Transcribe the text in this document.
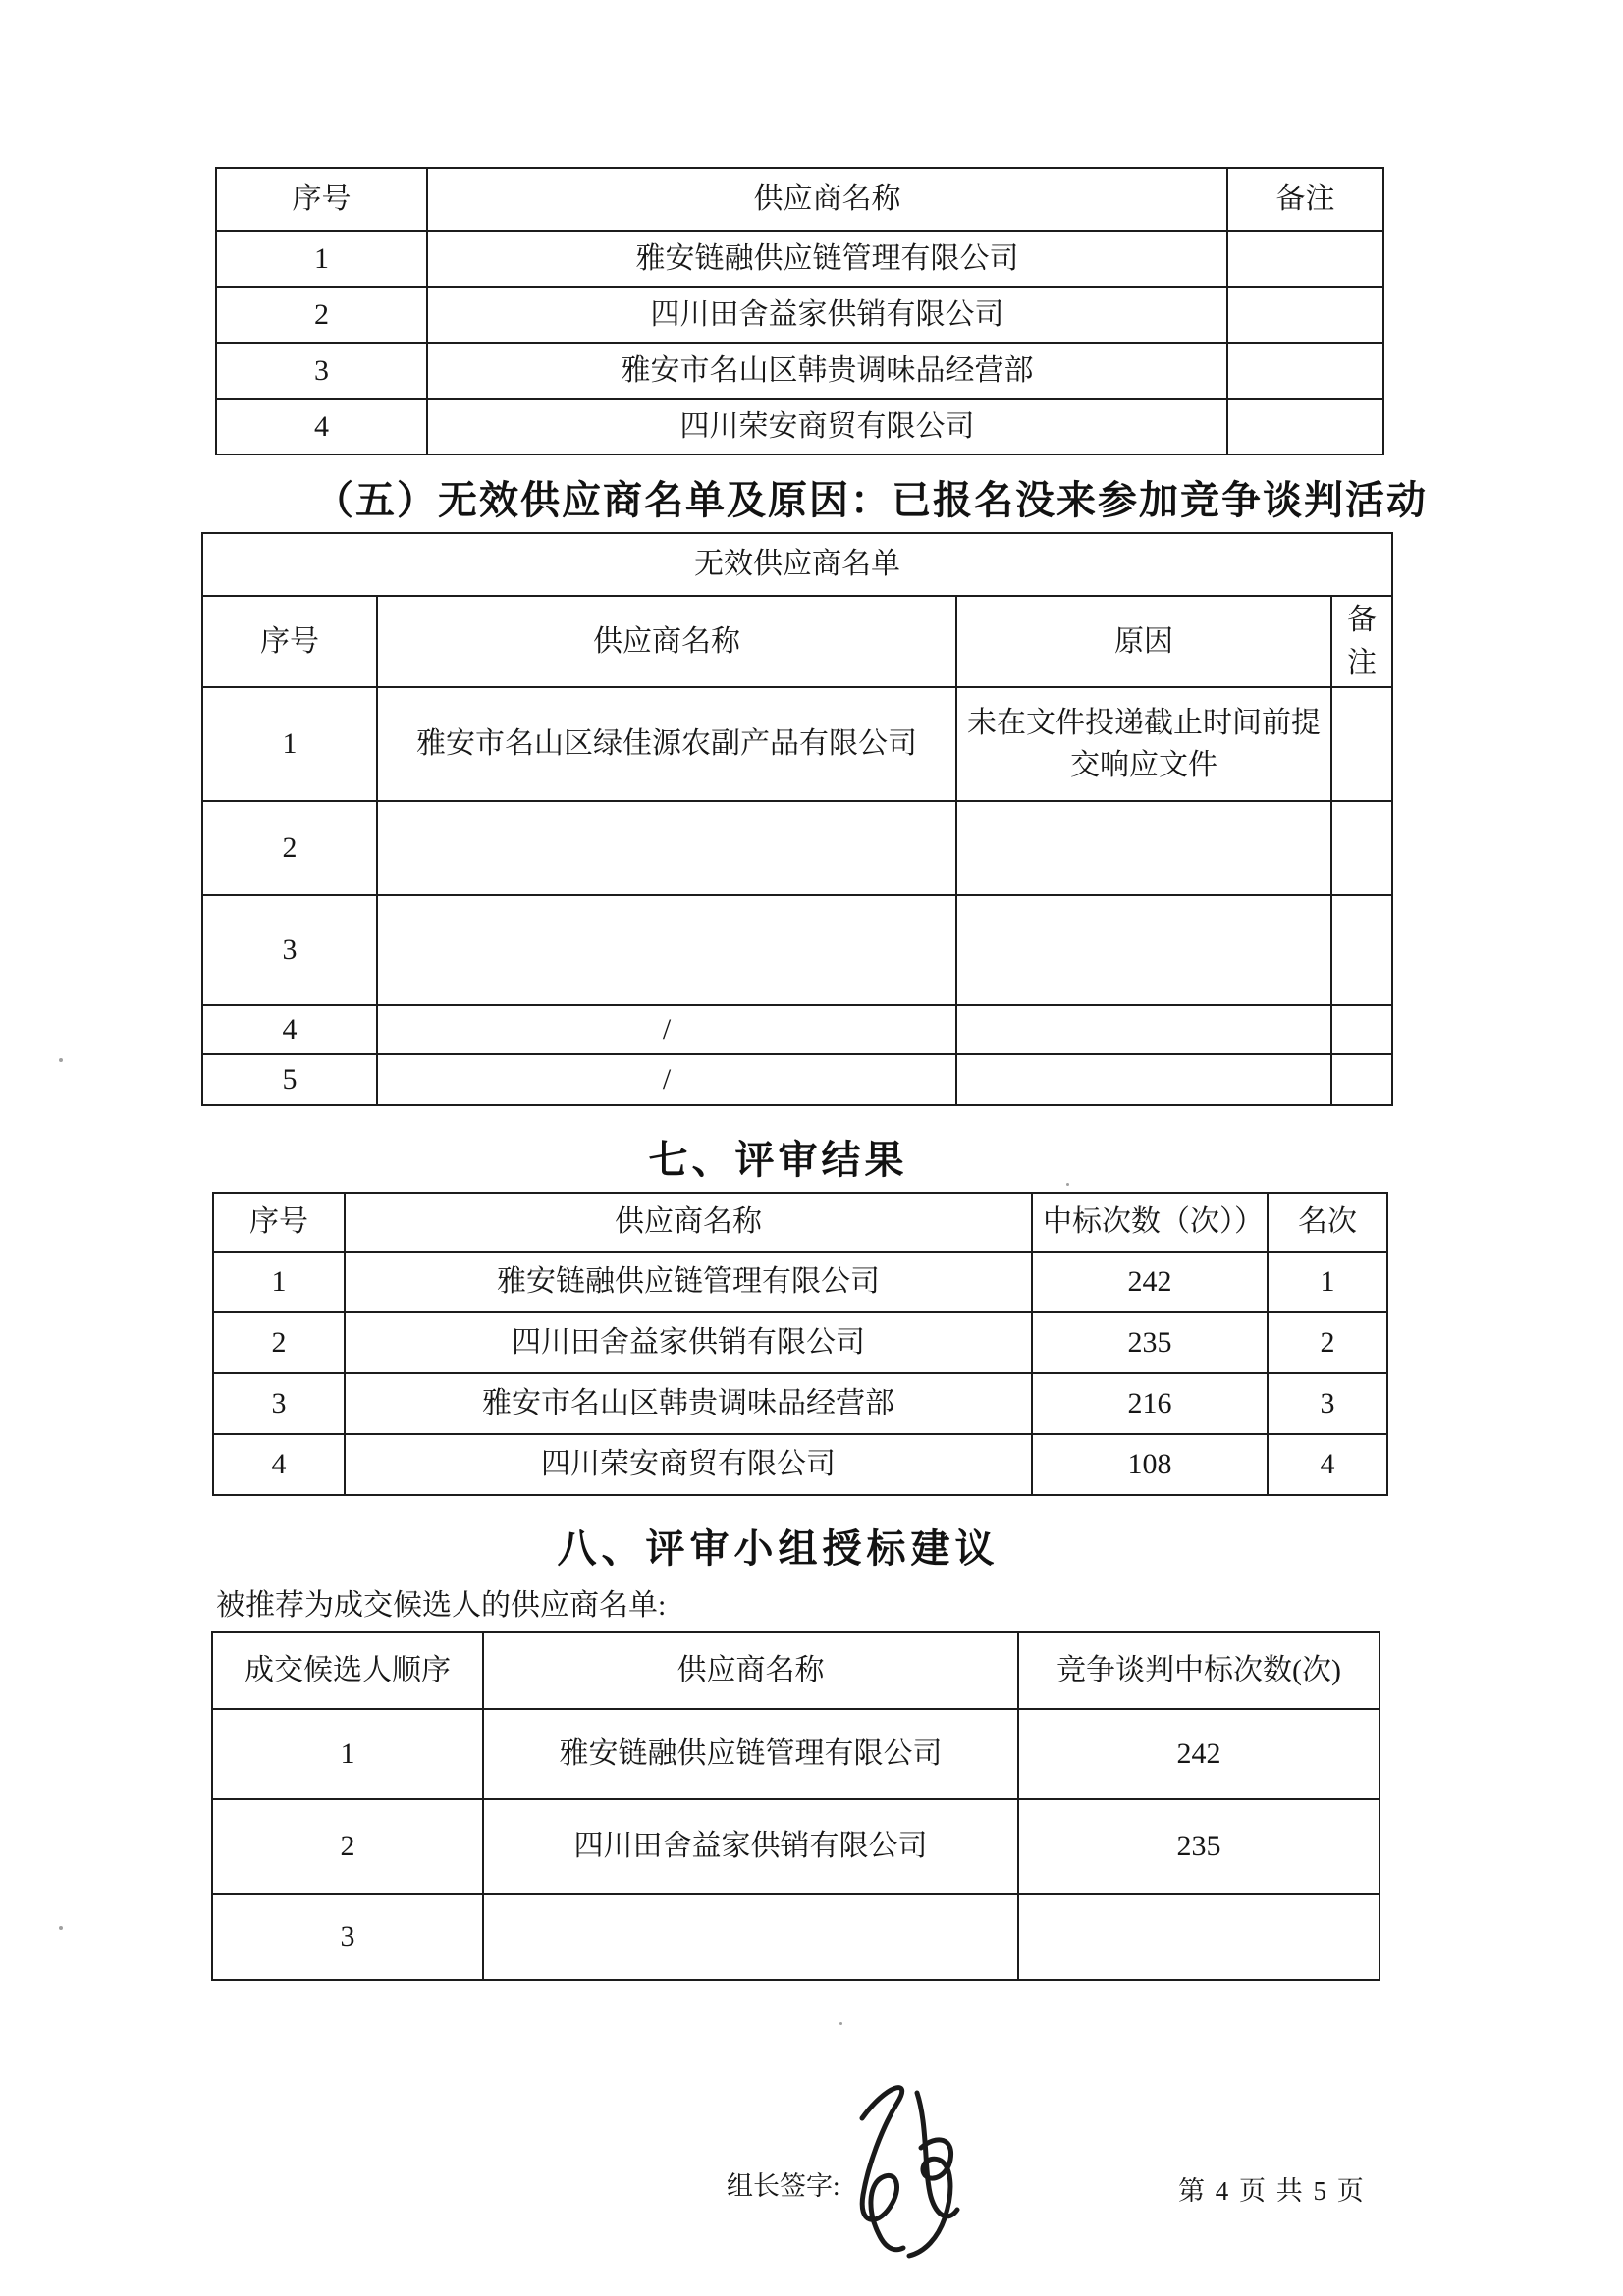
序号	供应商名称	备注
1	雅安链融供应链管理有限公司	
2	四川田舍益家供销有限公司	
3	雅安市名山区韩贵调味品经营部	
4	四川荣安商贸有限公司	
（五）无效供应商名单及原因：已报名没来参加竞争谈判活动
无效供应商名单			
序号	供应商名称	原因	备注
1	雅安市名山区绿佳源农副产品有限公司	未在文件投递截止时间前提交响应文件	
2			
3			
4	/		
5	/		
七、评审结果
序号	供应商名称	中标次数（次））	名次
1	雅安链融供应链管理有限公司	242	1
2	四川田舍益家供销有限公司	235	2
3	雅安市名山区韩贵调味品经营部	216	3
4	四川荣安商贸有限公司	108	4
八、评审小组授标建议
被推荐为成交候选人的供应商名单:
成交候选人顺序	供应商名称	竞争谈判中标次数(次)
1	雅安链融供应链管理有限公司	242
2	四川田舍益家供销有限公司	235
3		
组长签字:	第 4 页 共 5 页
